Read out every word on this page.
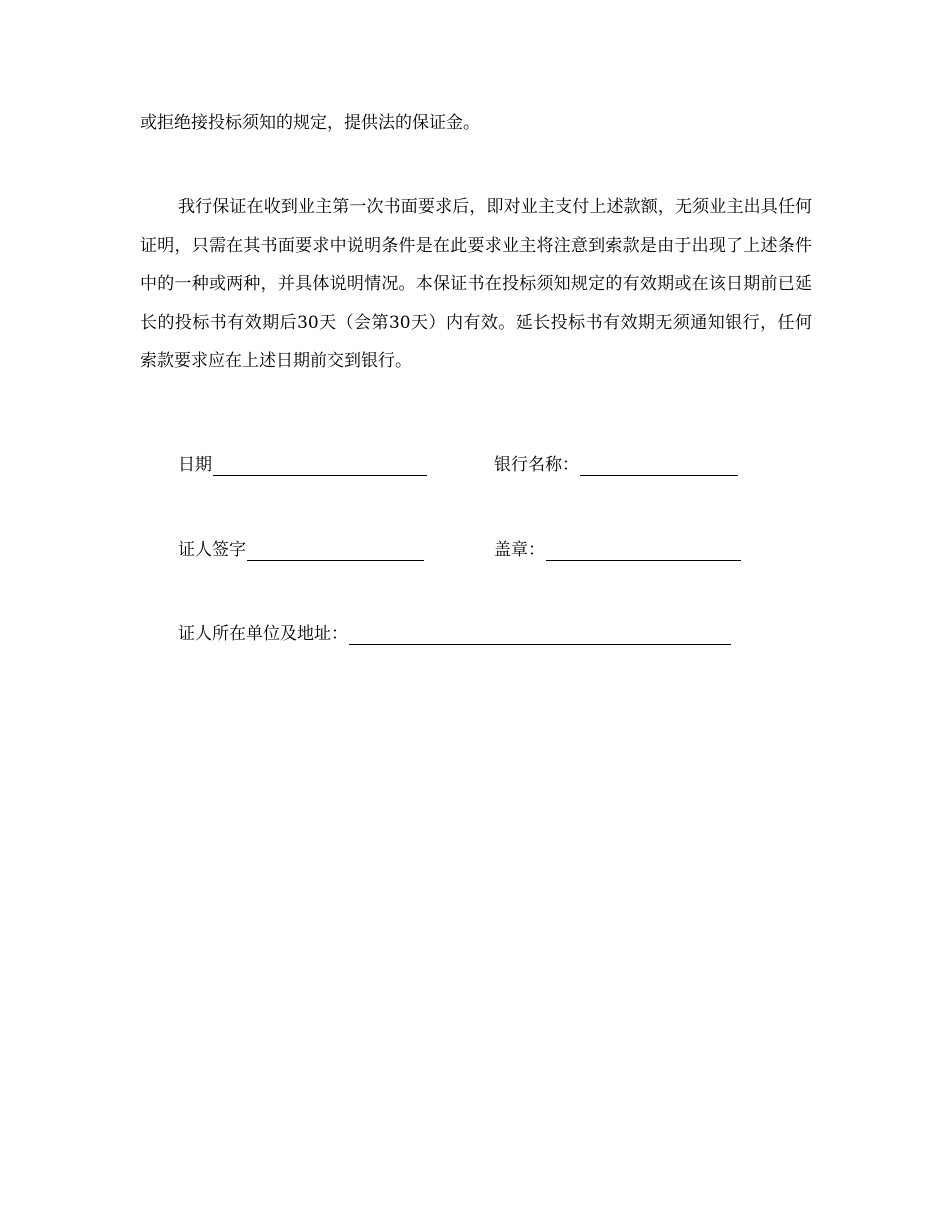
或拒绝接投标须知的规定，提供法的保证金。

我行保证在收到业主第一次书面要求后，即对业主支付上述款额，无须业主出具任何证明，只需在其书面要求中说明条件是在此要求业主将注意到索款是由于出现了上述条件中的一种或两种，并具体说明情况。本保证书在投标须知规定的有效期或在该日期前已延长的投标书有效期后30天（会第30天）内有效。延长投标书有效期无须通知银行，任何索款要求应在上述日期前交到银行。

日期	银行名称：
证人签字	盖章：
证人所在单位及地址：
